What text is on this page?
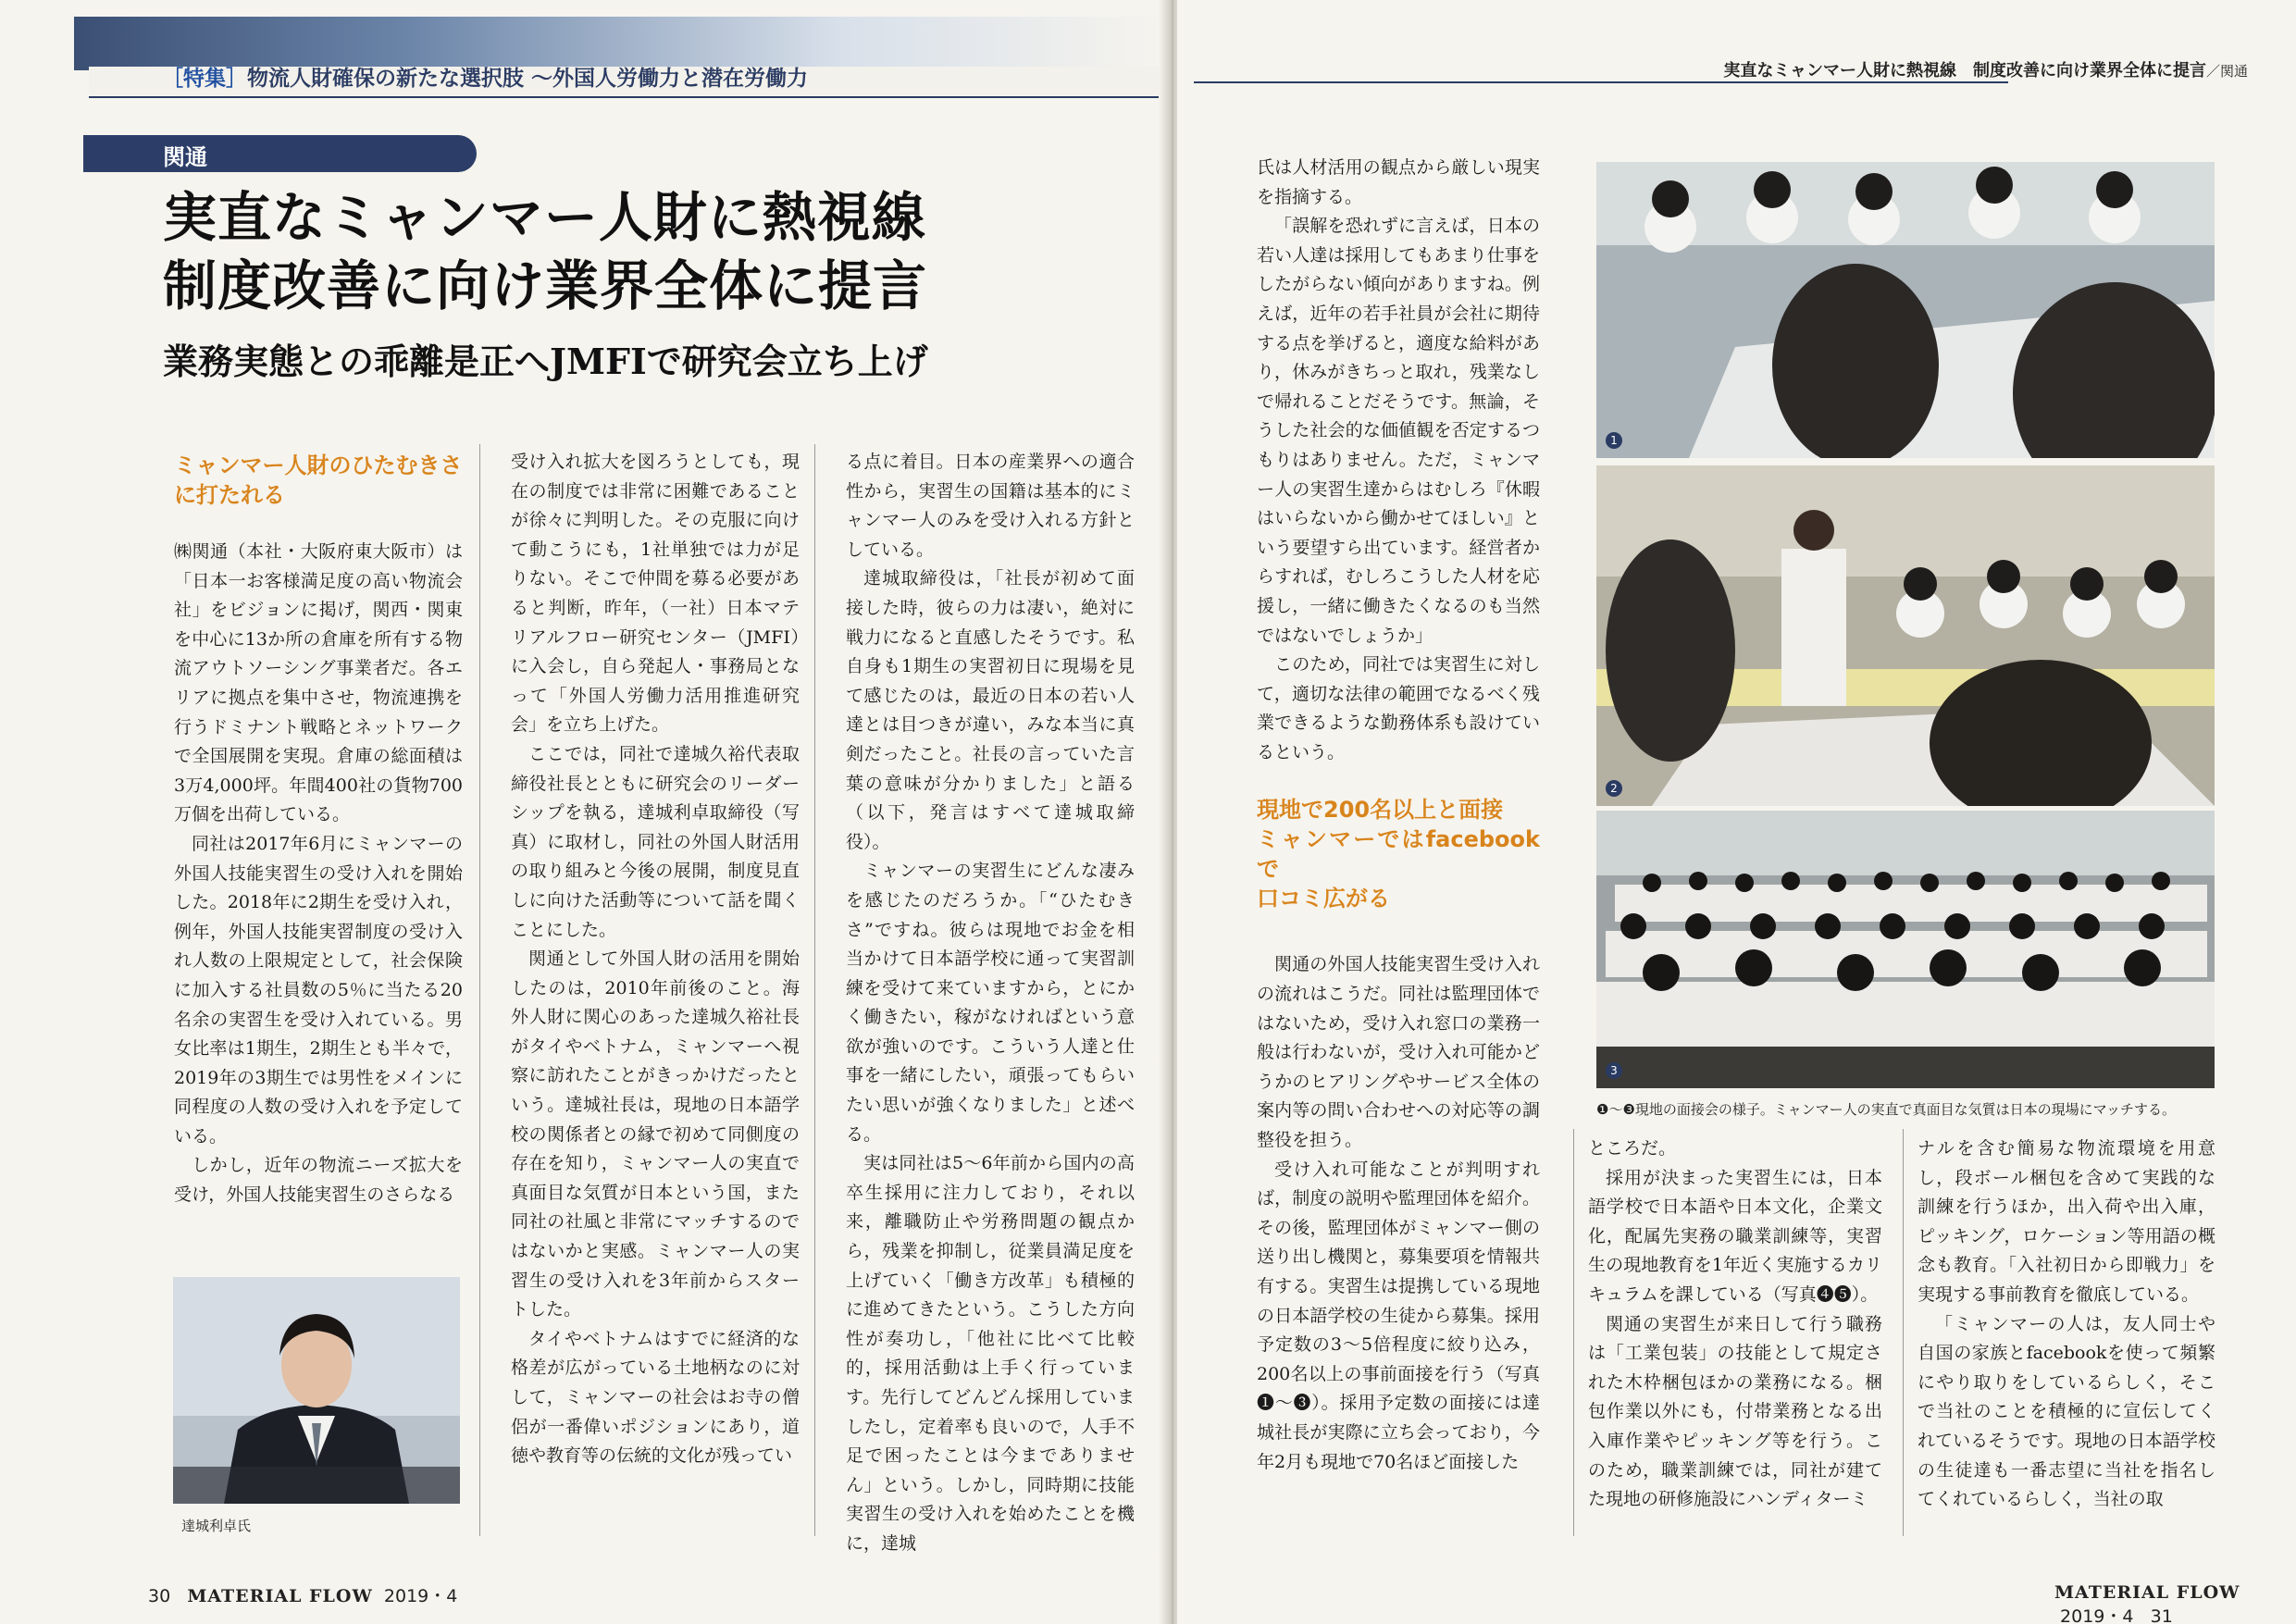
［特集］物流人財確保の新たな選択肢 ～外国人労働力と潜在労働力
関通
実直なミャンマー人財に熱視線
制度改善に向け業界全体に提言
業務実態との乖離是正へJMFIで研究会立ち上げ
ミャンマー人財のひたむきさ
に打たれる

㈱関通（本社・大阪府東大阪市）は「日本一お客様満足度の高い物流会社」をビジョンに掲げ，関西・関東を中心に13か所の倉庫を所有する物流アウトソーシング事業者だ。各エリアに拠点を集中させ，物流連携を行うドミナント戦略とネットワークで全国展開を実現。倉庫の総面積は3万4,000坪。年間400社の貨物700万個を出荷している。

同社は2017年6月にミャンマーの外国人技能実習生の受け入れを開始した。2018年に2期生を受け入れ，例年，外国人技能実習制度の受け入れ人数の上限規定として，社会保険に加入する社員数の5％に当たる20名余の実習生を受け入れている。男女比率は1期生，2期生とも半々で，2019年の3期生では男性をメインに同程度の人数の受け入れを予定している。

しかし，近年の物流ニーズ拡大を受け，外国人技能実習生のさらなる

受け入れ拡大を図ろうとしても，現在の制度では非常に困難であることが徐々に判明した。その克服に向けて動こうにも，1社単独では力が足りない。そこで仲間を募る必要があると判断，昨年，（一社）日本マテリアルフロー研究センター（JMFI）に入会し，自ら発起人・事務局となって「外国人労働力活用推進研究会」を立ち上げた。

ここでは，同社で達城久裕代表取締役社長とともに研究会のリーダーシップを執る，達城利卓取締役（写真）に取材し，同社の外国人財活用の取り組みと今後の展開，制度見直しに向けた活動等について話を聞くことにした。

関通として外国人財の活用を開始したのは，2010年前後のこと。海外人財に関心のあった達城久裕社長がタイやベトナム，ミャンマーへ視察に訪れたことがきっかけだったという。達城社長は，現地の日本語学校の関係者との縁で初めて同側度の存在を知り，ミャンマー人の実直で真面目な気質が日本という国，また同社の社風と非常にマッチするのではないかと実感。ミャンマー人の実習生の受け入れを3年前からスタートした。

タイやベトナムはすでに経済的な格差が広がっている土地柄なのに対して，ミャンマーの社会はお寺の僧侶が一番偉いポジションにあり，道徳や教育等の伝統的文化が残ってい

る点に着目。日本の産業界への適合性から，実習生の国籍は基本的にミャンマー人のみを受け入れる方針としている。

達城取締役は，「社長が初めて面接した時，彼らの力は凄い，絶対に戦力になると直感したそうです。私自身も1期生の実習初日に現場を見て感じたのは，最近の日本の若い人達とは目つきが違い，みな本当に真剣だったこと。社長の言っていた言葉の意味が分かりました」と語る（以下，発言はすべて達城取締役）。

ミャンマーの実習生にどんな凄みを感じたのだろうか。「“ひたむきさ”ですね。彼らは現地でお金を相当かけて日本語学校に通って実習訓練を受けて来ていますから，とにかく働きたい，稼がなければという意欲が強いのです。こういう人達と仕事を一緒にしたい，頑張ってもらいたい思いが強くなりました」と述べる。

実は同社は5～6年前から国内の高卒生採用に注力しており，それ以来，離職防止や労務問題の観点から，残業を抑制し，従業員満足度を上げていく「働き方改革」も積極的に進めてきたという。こうした方向性が奏功し，「他社に比べて比較的，採用活動は上手く行っています。先行してどんどん採用していましたし，定着率も良いので，人手不足で困ったことは今までありません」という。しかし，同時期に技能実習生の受け入れを始めたことを機に，達城

達城利卓氏
30 MATERIAL FLOW 2019・4
実直なミャンマー人財に熱視線　制度改善に向け業界全体に提言／関通

氏は人材活用の観点から厳しい現実を指摘する。

「誤解を恐れずに言えば，日本の若い人達は採用してもあまり仕事をしたがらない傾向がありますね。例えば，近年の若手社員が会社に期待する点を挙げると，適度な給料があり，休みがきちっと取れ，残業なしで帰れることだそうです。無論，そうした社会的な価値観を否定するつもりはありません。ただ，ミャンマー人の実習生達からはむしろ『休暇はいらないから働かせてほしい』という要望すら出ています。経営者からすれば，むしろこうした人材を応援し，一緒に働きたくなるのも当然ではないでしょうか」

このため，同社では実習生に対して，適切な法律の範囲でなるべく残業できるような勤務体系も設けているという。

現地で200名以上と面接
ミャンマーではfacebookで
口コミ広がる

関通の外国人技能実習生受け入れの流れはこうだ。同社は監理団体ではないため，受け入れ窓口の業務一般は行わないが，受け入れ可能かどうかのヒアリングやサービス全体の案内等の問い合わせへの対応等の調整役を担う。

受け入れ可能なことが判明すれば，制度の説明や監理団体を紹介。その後，監理団体がミャンマー側の送り出し機関と，募集要項を情報共有する。実習生は提携している現地の日本語学校の生徒から募集。採用予定数の3～5倍程度に絞り込み，200名以上の事前面接を行う（写真❶～❸）。採用予定数の面接には達城社長が実際に立ち会っており，今年2月も現地で70名ほど面接した

1
2
3
❶～❸現地の面接会の様子。ミャンマー人の実直で真面目な気質は日本の現場にマッチする。

ところだ。

採用が決まった実習生には，日本語学校で日本語や日本文化，企業文化，配属先実務の職業訓練等，実習生の現地教育を1年近く実施するカリキュラムを課している（写真❹❺）。

関通の実習生が来日して行う職務は「工業包装」の技能として規定された木枠梱包ほかの業務になる。梱包作業以外にも，付帯業務となる出入庫作業やピッキング等を行う。このため，職業訓練では，同社が建てた現地の研修施設にハンディターミ

ナルを含む簡易な物流環境を用意し，段ボール梱包を含めて実践的な訓練を行うほか，出入荷や出入庫，ピッキング，ロケーション等用語の概念も教育。「入社初日から即戦力」を実現する事前教育を徹底している。

「ミャンマーの人は，友人同士や自国の家族とfacebookを使って頻繁にやり取りをしているらしく，そこで当社のことを積極的に宣伝してくれているそうです。現地の日本語学校の生徒達も一番志望に当社を指名してくれているらしく，当社の取

MATERIAL FLOW  2019・4 31
